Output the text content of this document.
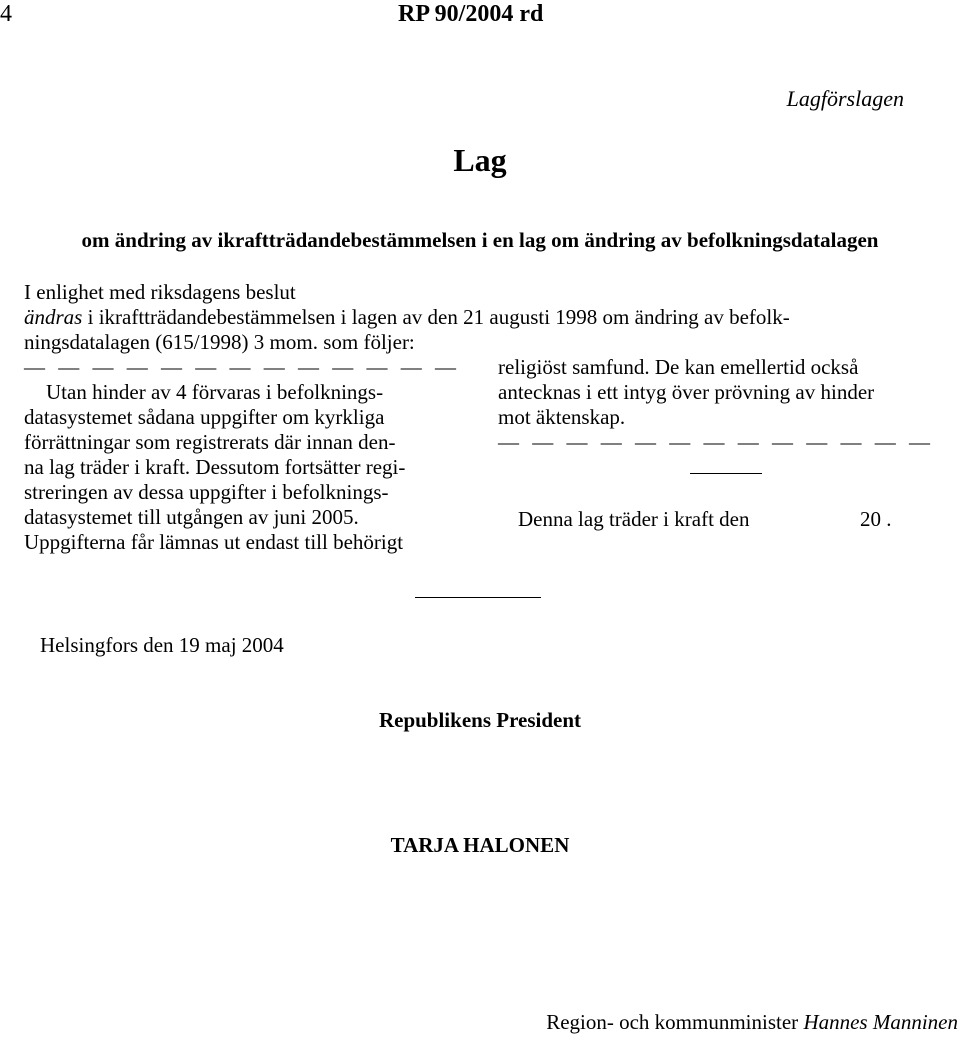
4	RP 90/2004 rd
Lagförslagen
Lag
om ändring av ikraftträdandebestämmelsen i en lag om ändring av befolkningsdatalagen
I enlighet med riksdagens beslut
ändras i ikraftträdandebestämmelsen i lagen av den 21 augusti 1998 om ändring av befolk-
ningsdatalagen (615/1998) 3 mom. som följer:
— — — — — — — — — — — — —
Utan hinder av 4 förvaras i befolknings-
datasystemet sådana uppgifter om kyrkliga
förrättningar som registrerats där innan den-
na lag träder i kraft. Dessutom fortsätter regi-
streringen av dessa uppgifter i befolknings-
datasystemet till utgången av juni 2005.
Uppgifterna får lämnas ut endast till behörigt
religiöst samfund. De kan emellertid också
antecknas i ett intyg över prövning av hinder
mot äktenskap.
— — — — — — — — — — — — —
Denna lag träder i kraft den	20 .
Helsingfors den 19 maj 2004
Republikens President
TARJA HALONEN
Region- och kommunminister Hannes Manninen
